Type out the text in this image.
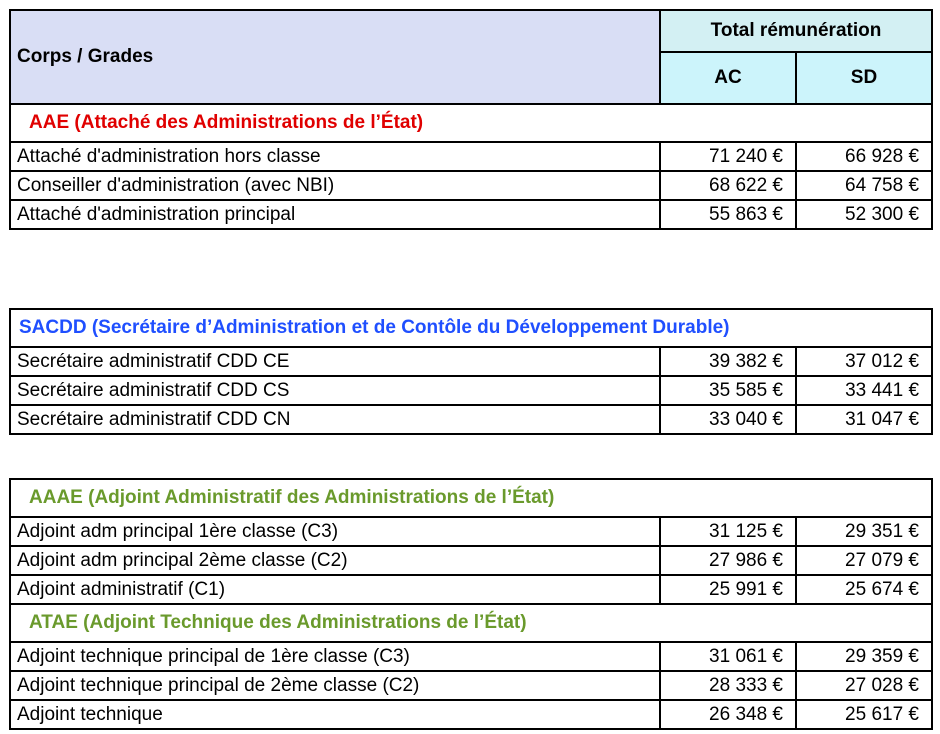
Corps / Grades	Total rémunération	
	AC	SD
AAE (Attaché des Administrations de l’État)		
Attaché d'administration hors classe	71 240 €	66 928 €
Conseiller d'administration (avec NBI)	68 622 €	64 758 €
Attaché d'administration principal	55 863 €	52 300 €
SACDD (Secrétaire d’Administration et de Contôle du Développement Durable)		
Secrétaire administratif CDD CE	39 382 €	37 012 €
Secrétaire administratif CDD CS	35 585 €	33 441 €
Secrétaire administratif CDD CN	33 040 €	31 047 €
AAAE (Adjoint Administratif des Administrations de l’État)		
Adjoint adm principal 1ère classe (C3)	31 125 €	29 351 €
Adjoint adm principal 2ème classe (C2)	27 986 €	27 079 €
Adjoint administratif (C1)	25 991 €	25 674 €
ATAE (Adjoint Technique des Administrations de l’État)		
Adjoint technique principal de 1ère classe (C3)	31 061 €	29 359 €
Adjoint technique principal de 2ème classe (C2)	28 333 €	27 028 €
Adjoint technique	26 348 €	25 617 €
